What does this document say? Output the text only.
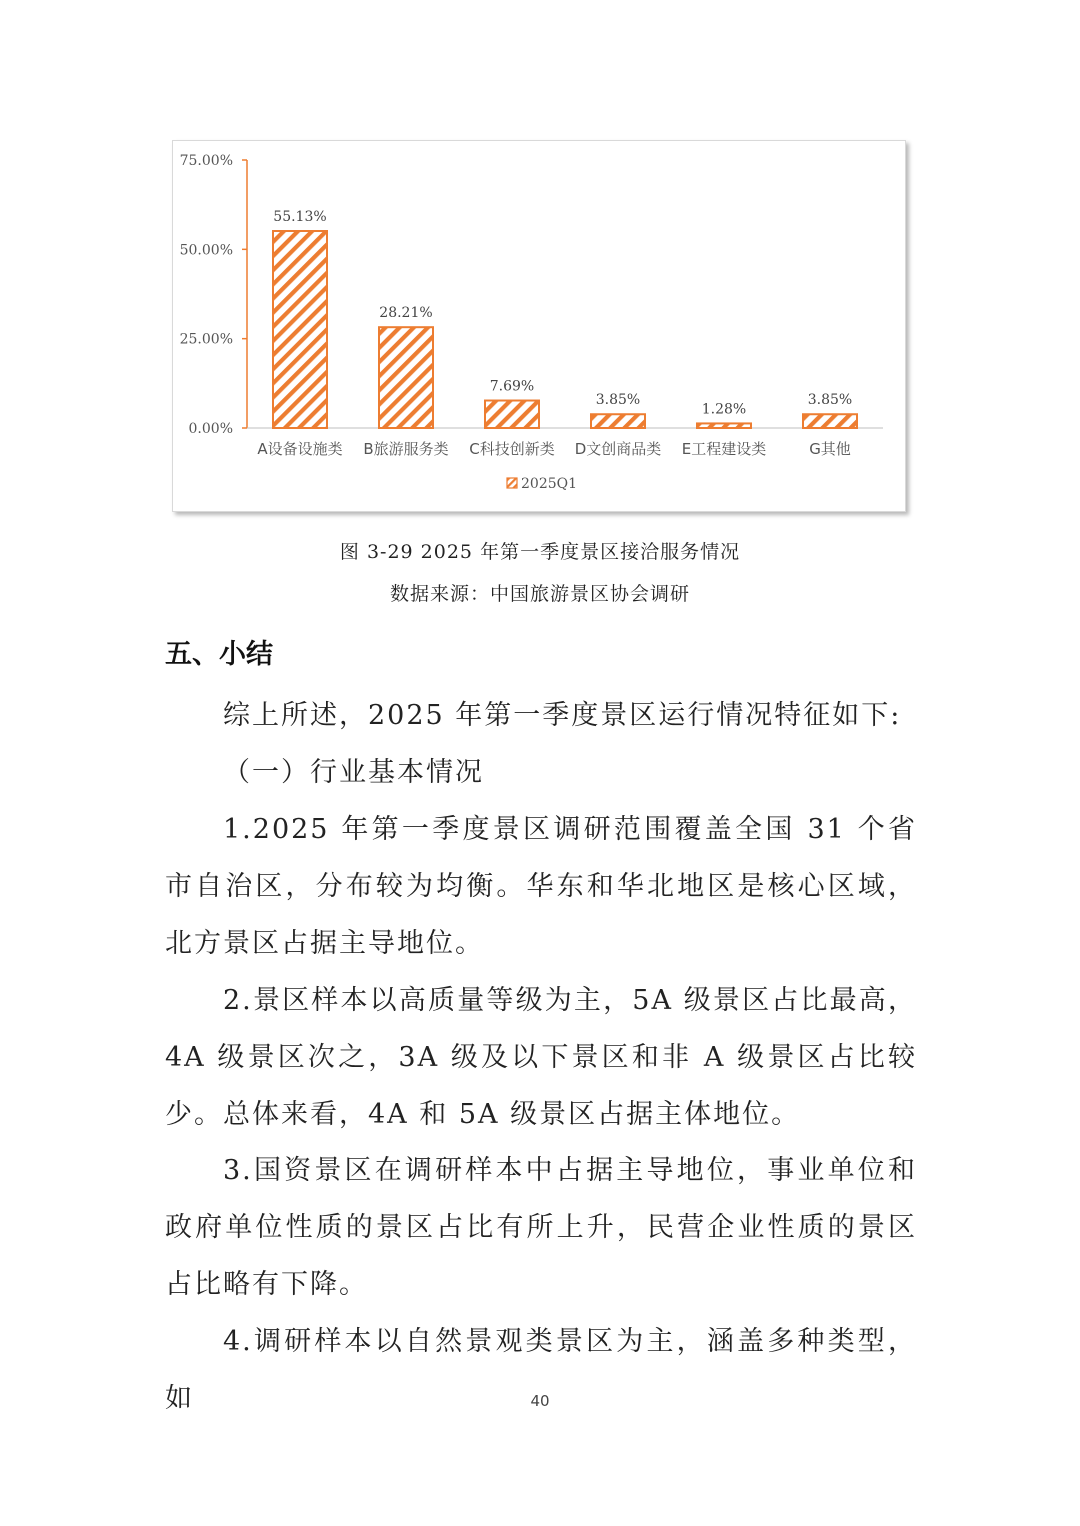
0.00%
25.00%
50.00%
75.00%
55.13%
A设备设施类
28.21%
B旅游服务类
7.69%
C科技创新类
3.85%
D文创商品类
1.28%
E工程建设类
3.85%
G其他
2025Q1
图 3-29 2025 年第一季度景区接洽服务情况
数据来源：中国旅游景区协会调研
五、小结

综上所述，2025 年第一季度景区运行情况特征如下:

（一）行业基本情况

1.2025 年第一季度景区调研范围覆盖全国 31 个省市自治区，分布较为均衡。华东和华北地区是核心区域，北方景区占据主导地位。

2.景区样本以高质量等级为主，5A 级景区占比最高，4A 级景区次之，3A 级及以下景区和非 A 级景区占比较少。总体来看，4A 和 5A 级景区占据主体地位。

3.国资景区在调研样本中占据主导地位，事业单位和政府单位性质的景区占比有所上升，民营企业性质的景区占比略有下降。

4.调研样本以自然景观类景区为主，涵盖多种类型，如	40
